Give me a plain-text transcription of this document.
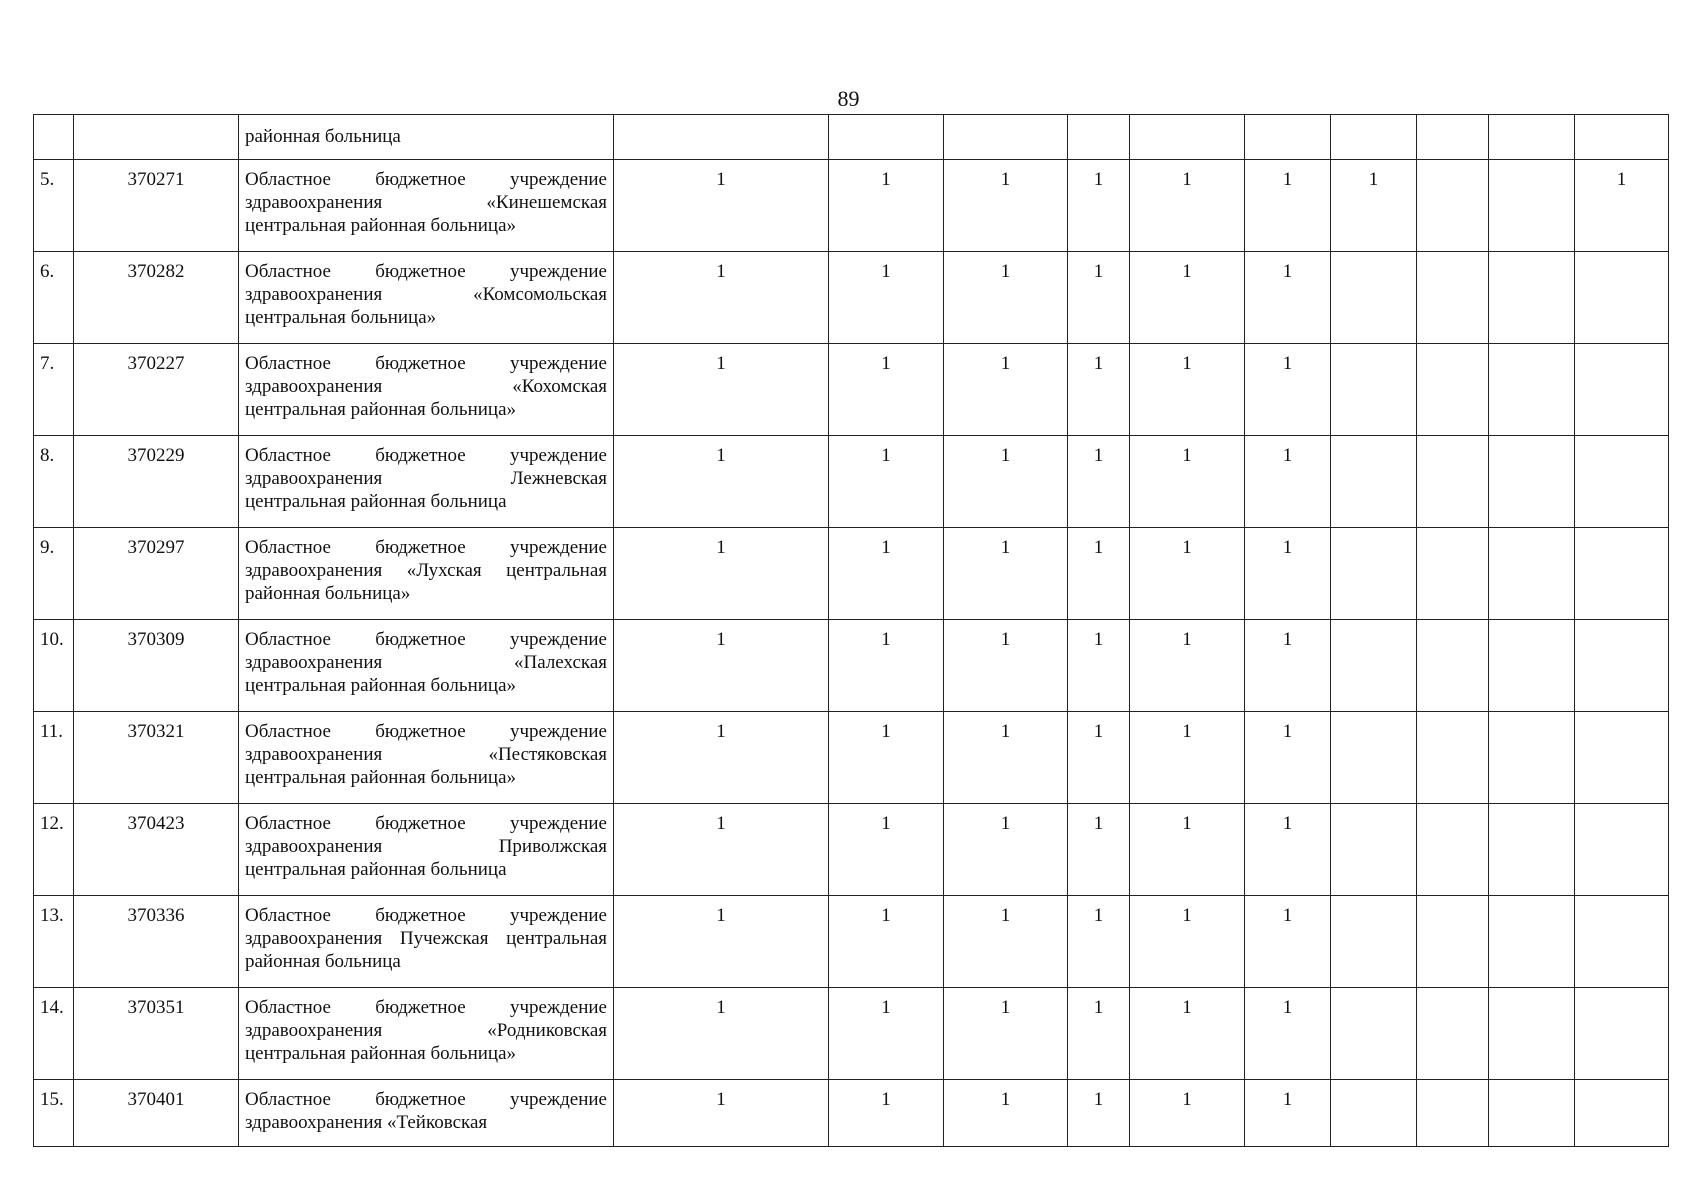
89
		районная больница										
5.	370271	Областное бюджетное учреждение
здравоохранения «Кинешемская
центральная районная больница»	1	1	1	1	1	1	1			1
6.	370282	Областное бюджетное учреждение
здравоохранения «Комсомольская
центральная больница»	1	1	1	1	1	1				
7.	370227	Областное бюджетное учреждение
здравоохранения «Кохомская
центральная районная больница»	1	1	1	1	1	1				
8.	370229	Областное бюджетное учреждение
здравоохранения Лежневская
центральная районная больница	1	1	1	1	1	1				
9.	370297	Областное бюджетное учреждение
здравоохранения «Лухская центральная
районная больница»	1	1	1	1	1	1				
10.	370309	Областное бюджетное учреждение
здравоохранения «Палехская
центральная районная больница»	1	1	1	1	1	1				
11.	370321	Областное бюджетное учреждение
здравоохранения «Пестяковская
центральная районная больница»	1	1	1	1	1	1				
12.	370423	Областное бюджетное учреждение
здравоохранения Приволжская
центральная районная больница	1	1	1	1	1	1				
13.	370336	Областное бюджетное учреждение
здравоохранения Пучежская центральная
районная больница	1	1	1	1	1	1				
14.	370351	Областное бюджетное учреждение
здравоохранения «Родниковская
центральная районная больница»	1	1	1	1	1	1				
15.	370401	Областное бюджетное учреждение
здравоохранения «Тейковская	1	1	1	1	1	1				
